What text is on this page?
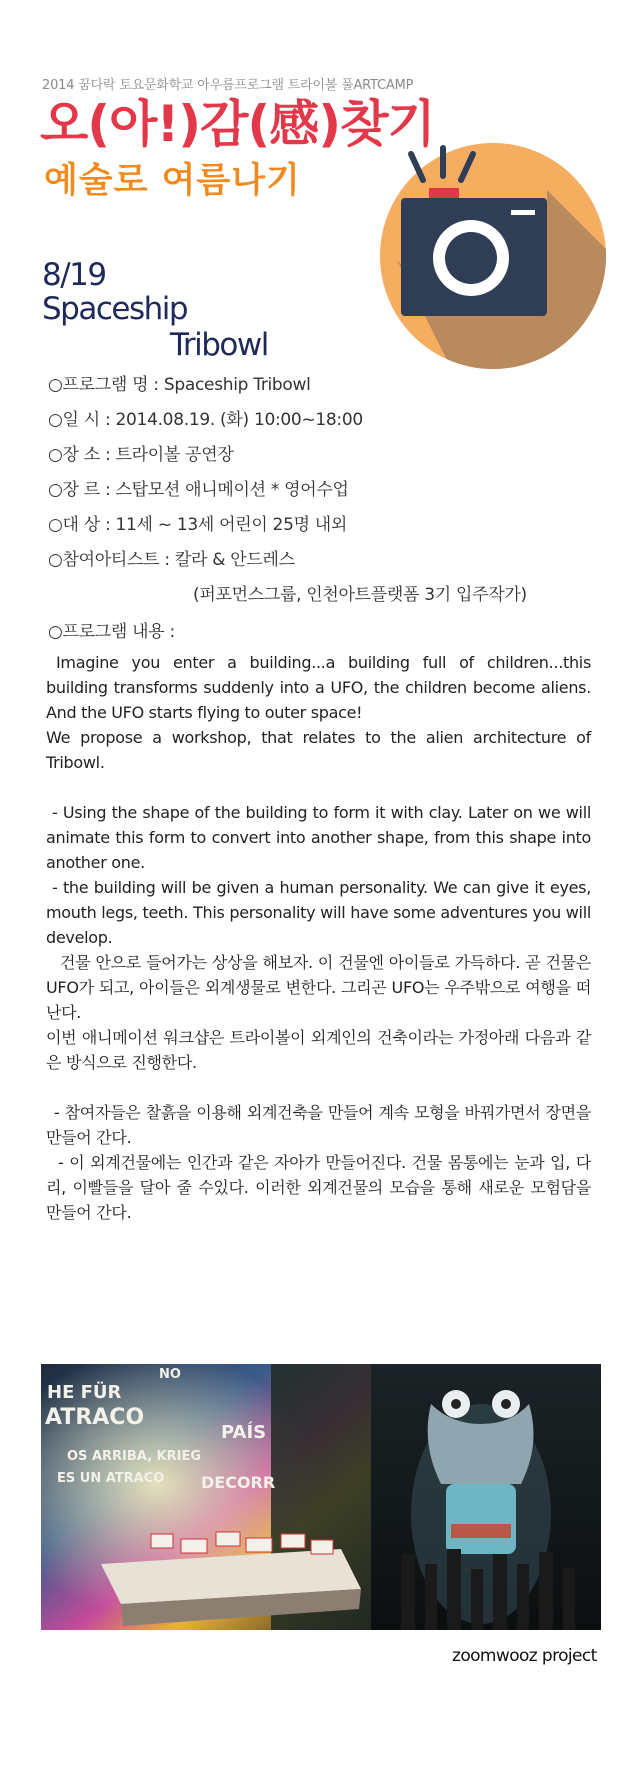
2014 꿈다락 토요문화학교 아우름프로그램 트라이볼 풀ARTCAMP
오(아!)감(感)찾기
예술로 여름나기
8/19
Spaceship
Tribowl
○프로그램 명 : Spaceship Tribowl
○일 시 : 2014.08.19. (화) 10:00~18:00
○장 소 : 트라이볼 공연장
○장 르 : 스탑모션 애니메이션 * 영어수업
○대 상 : 11세 ~ 13세 어린이 25명 내외
○참여아티스트 : 칼라 & 안드레스
(퍼포먼스그룹, 인천아트플랫폼 3기 입주작가)
○프로그램 내용 :
Imagine you enter a building...a building full of children...this building transforms suddenly into a UFO, the children become aliens. And the UFO starts flying to outer space!
We propose a workshop, that relates to the alien architecture of Tribowl.
- Using the shape of the building to form it with clay. Later on we will animate this form to convert into another shape, from this shape into another one.
- the building will be given a human personality. We can give it eyes, mouth legs, teeth. This personality will have some adventures you will develop.
건물 안으로 들어가는 상상을 해보자. 이 건물엔 아이들로 가득하다. 곧 건물은 UFO가 되고, 아이들은 외계생물로 변한다. 그리곤 UFO는 우주밖으로 여행을 떠난다.
이번 애니메이션 워크샵은 트라이볼이 외계인의 건축이라는 가정아래 다음과 같은 방식으로 진행한다.
- 참여자들은 찰흙을 이용해 외계건축을 만들어 계속 모형을 바꿔가면서 장면을 만들어 간다.
- 이 외계건물에는 인간과 같은 자아가 만들어진다. 건물 몸통에는 눈과 입, 다리, 이빨들을 달아 줄 수있다. 이러한 외계건물의 모습을 통해 새로운 모험담을 만들어 간다.
NO
HE FÜR
ATRACO
PAÍS
OS ARRIBA, KRIEG
ES UN ATRACO DECORR
zoomwooz project
